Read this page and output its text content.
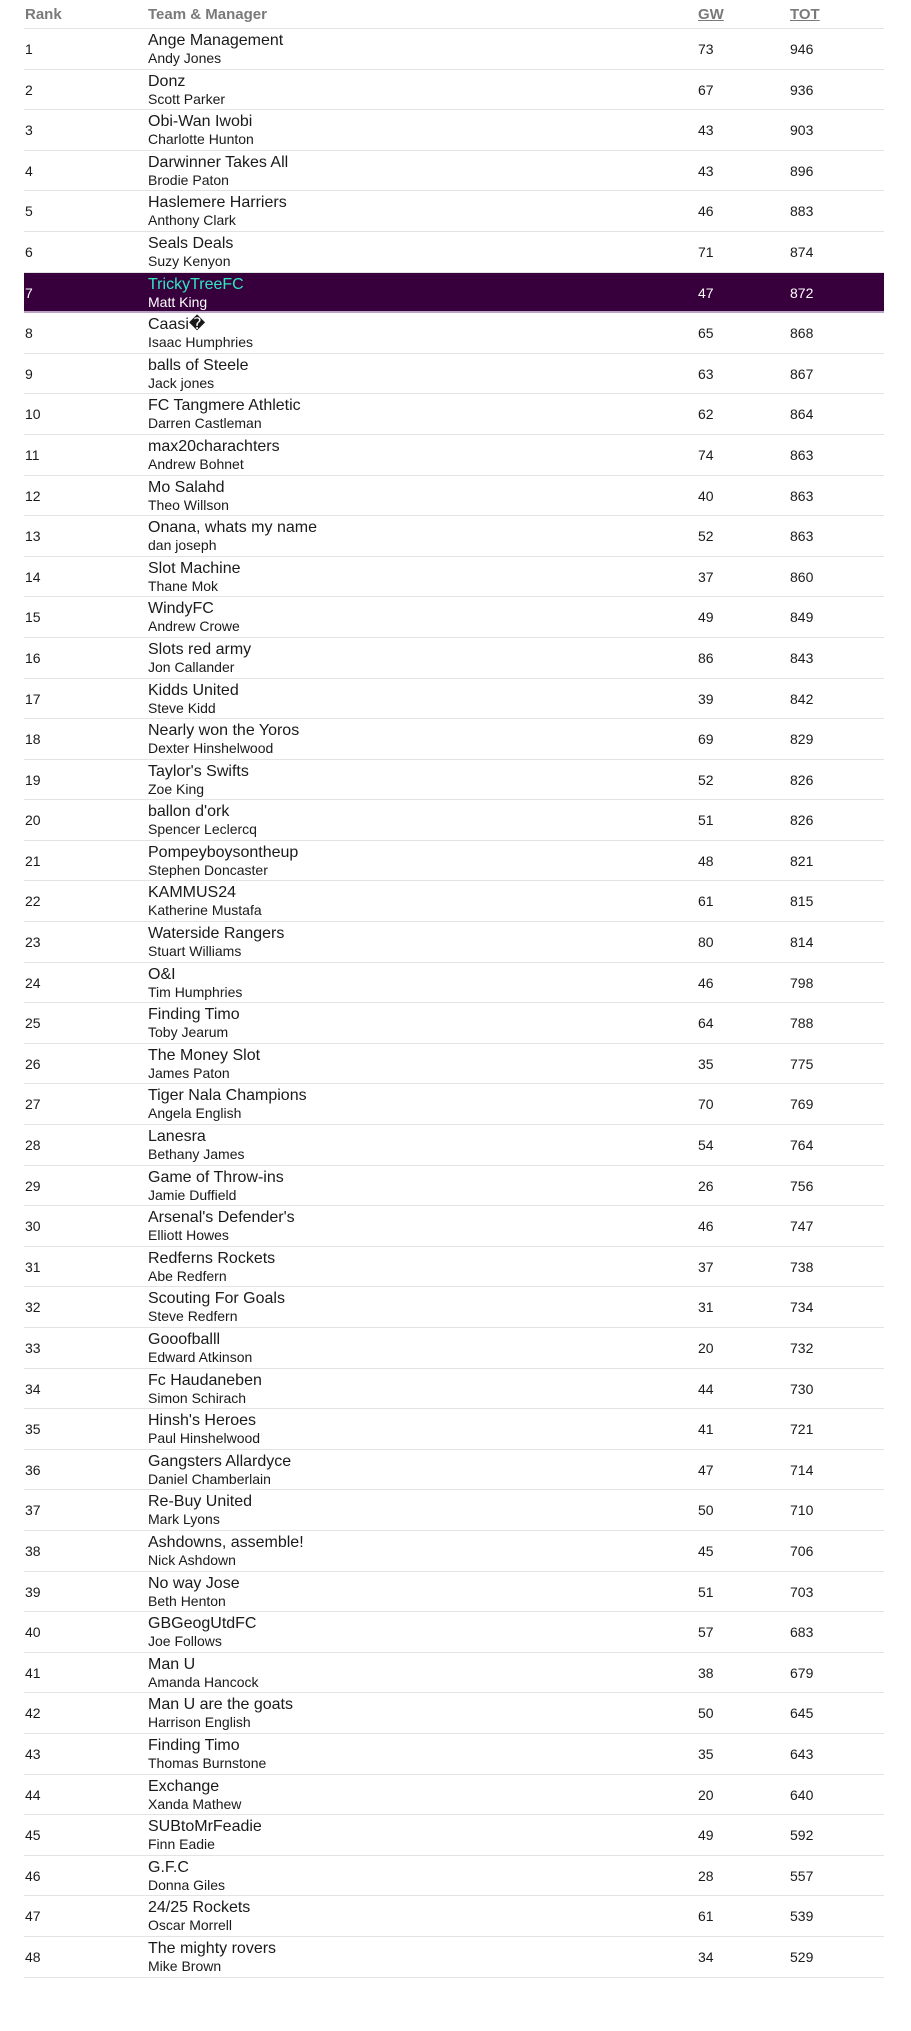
Rank	Team & Manager	GW	TOT
1	Ange Management
Andy Jones
73	946
2	Donz
Scott Parker
67	936
3	Obi-Wan Iwobi
Charlotte Hunton
43	903
4	Darwinner Takes All
Brodie Paton
43	896
5	Haslemere Harriers
Anthony Clark
46	883
6	Seals Deals
Suzy Kenyon
71	874
7	TrickyTreeFC
Matt King
47	872
8	Caasi�
Isaac Humphries
65	868
9	balls of Steele
Jack jones
63	867
10	FC Tangmere Athletic
Darren Castleman
62	864
11	max20charachters
Andrew Bohnet
74	863
12	Mo Salahd
Theo Willson
40	863
13	Onana, whats my name
dan joseph
52	863
14	Slot Machine
Thane Mok
37	860
15	WindyFC
Andrew Crowe
49	849
16	Slots red army
Jon Callander
86	843
17	Kidds United
Steve Kidd
39	842
18	Nearly won the Yoros
Dexter Hinshelwood
69	829
19	Taylor's Swifts
Zoe King
52	826
20	ballon d'ork
Spencer Leclercq
51	826
21	Pompeyboysontheup
Stephen Doncaster
48	821
22	KAMMUS24
Katherine Mustafa
61	815
23	Waterside Rangers
Stuart Williams
80	814
24	O&I
Tim Humphries
46	798
25	Finding Timo
Toby Jearum
64	788
26	The Money Slot
James Paton
35	775
27	Tiger Nala Champions
Angela English
70	769
28	Lanesra
Bethany James
54	764
29	Game of Throw-ins
Jamie Duffield
26	756
30	Arsenal's Defender's
Elliott Howes
46	747
31	Redferns Rockets
Abe Redfern
37	738
32	Scouting For Goals
Steve Redfern
31	734
33	Gooofballl
Edward Atkinson
20	732
34	Fc Haudaneben
Simon Schirach
44	730
35	Hinsh's Heroes
Paul Hinshelwood
41	721
36	Gangsters Allardyce
Daniel Chamberlain
47	714
37	Re-Buy United
Mark Lyons
50	710
38	Ashdowns, assemble!
Nick Ashdown
45	706
39	No way Jose
Beth Henton
51	703
40	GBGeogUtdFC
Joe Follows
57	683
41	Man U
Amanda Hancock
38	679
42	Man U are the goats
Harrison English
50	645
43	Finding Timo
Thomas Burnstone
35	643
44	Exchange
Xanda Mathew
20	640
45	SUBtoMrFeadie
Finn Eadie
49	592
46	G.F.C
Donna Giles
28	557
47	24/25 Rockets
Oscar Morrell
61	539
48	The mighty rovers
Mike Brown
34	529
